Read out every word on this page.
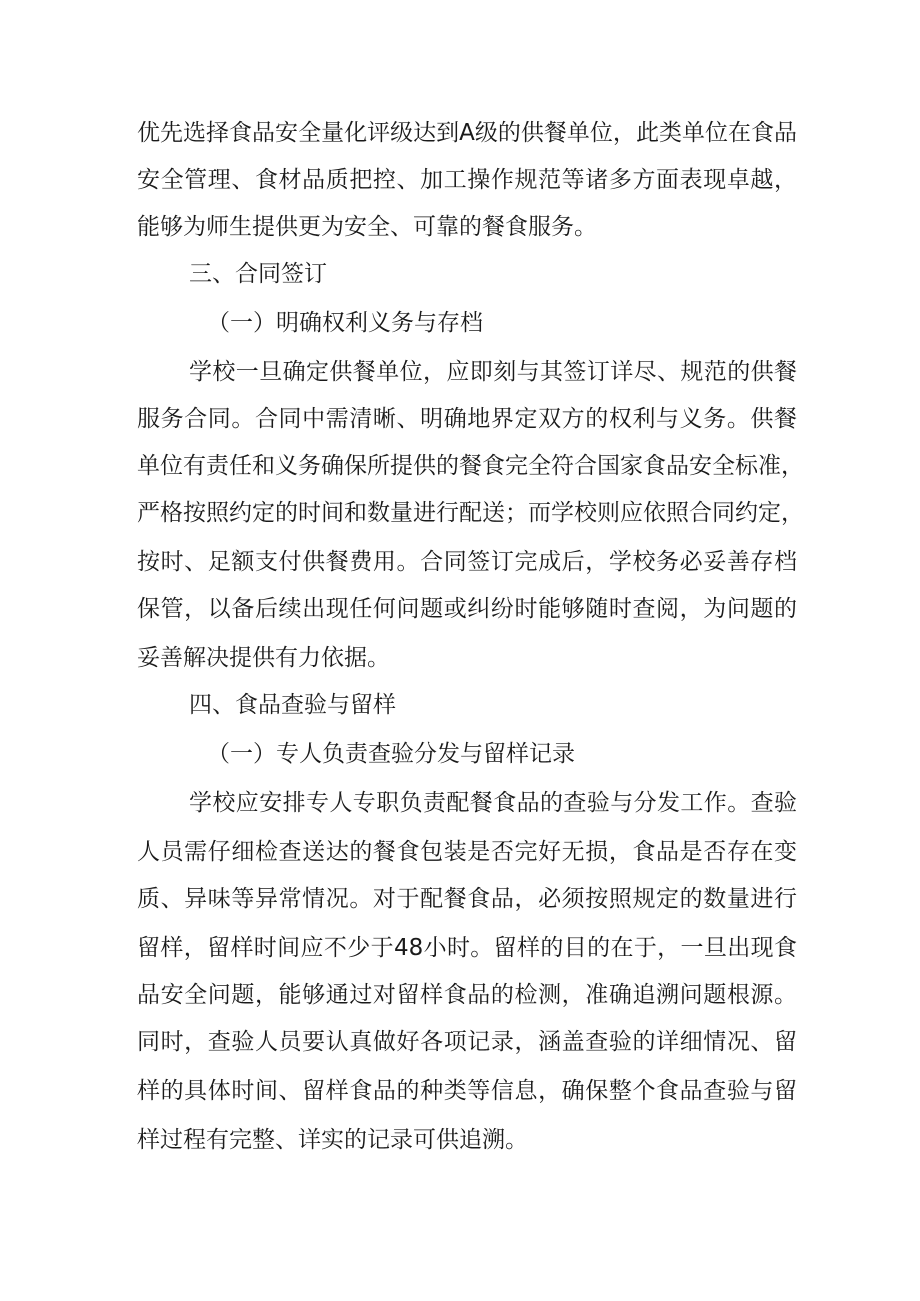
优先选择食品安全量化评级达到A级的供餐单位，此类单位在食品
安全管理、食材品质把控、加工操作规范等诸多方面表现卓越，
能够为师生提供更为安全、可靠的餐食服务。
三、合同签订
（一）明确权利义务与存档
学校一旦确定供餐单位，应即刻与其签订详尽、规范的供餐
服务合同。合同中需清晰、明确地界定双方的权利与义务。供餐
单位有责任和义务确保所提供的餐食完全符合国家食品安全标准，
严格按照约定的时间和数量进行配送；而学校则应依照合同约定，
按时、足额支付供餐费用。合同签订完成后，学校务必妥善存档
保管，以备后续出现任何问题或纠纷时能够随时查阅，为问题的
妥善解决提供有力依据。
四、食品查验与留样
（一）专人负责查验分发与留样记录
学校应安排专人专职负责配餐食品的查验与分发工作。查验
人员需仔细检查送达的餐食包装是否完好无损，食品是否存在变
质、异味等异常情况。对于配餐食品，必须按照规定的数量进行
留样，留样时间应不少于48小时。留样的目的在于，一旦出现食
品安全问题，能够通过对留样食品的检测，准确追溯问题根源。
同时，查验人员要认真做好各项记录，涵盖查验的详细情况、留
样的具体时间、留样食品的种类等信息，确保整个食品查验与留
样过程有完整、详实的记录可供追溯。
